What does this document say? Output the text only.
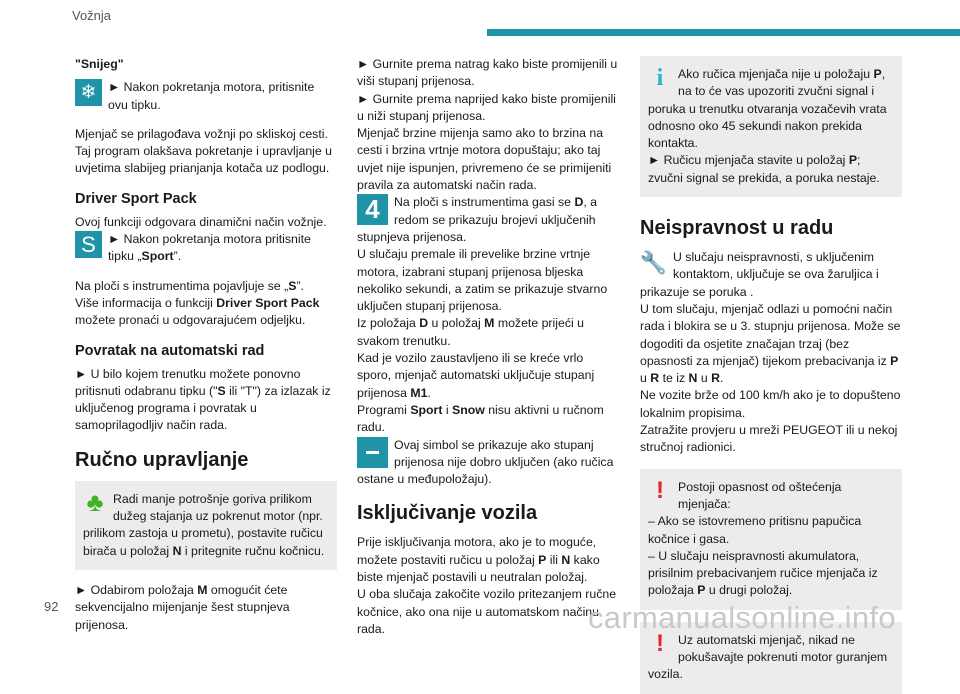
Vožnja

"Snijeg"

❄ ► Nakon pokretanja motora, pritisnite ovu tipku.

Mjenjač se prilagođava vožnji po skliskoj cesti. Taj program olakšava pokretanje i upravljanje u uvjetima slabijeg prianjanja kotača uz podlogu.

Driver Sport Pack

Ovoj funkciji odgovara dinamični način vožnje.

S ► Nakon pokretanja motora pritisnite tipku „Sport”.

Na ploči s instrumentima pojavljuje se „S”.
Više informacija o funkciji Driver Sport Pack možete pronaći u odgovarajućem odjeljku.

Povratak na automatski rad

► U bilo kojem trenutku možete ponovno pritisnuti odabranu tipku ("S ili "T") za izlazak iz uključenog programa i povratak u samoprilagodljiv način rada.

Ručno upravljanje
♣ Radi manje potrošnje goriva prilikom dužeg stajanja uz pokrenut motor (npr. prilikom zastoja u prometu), postavite ručicu birača u položaj N i pritegnite ručnu kočnicu.

► Odabirom položaja M omogućit ćete sekvencijalno mijenjanje šest stupnjeva prijenosa.

► Gurnite prema natrag kako biste promijenili u viši stupanj prijenosa.

► Gurnite prema naprijed kako biste promijenili u niži stupanj prijenosa.

Mjenjač brzine mijenja samo ako to brzina na cesti i brzina vrtnje motora dopuštaju; ako taj uvjet nije ispunjen, privremeno će se primijeniti pravila za automatski način rada.

4	Na ploči s instrumentima gasi se D, a redom se prikazuju brojevi uključenih stupnjeva prijenosa.

U slučaju premale ili prevelike brzine vrtnje motora, izabrani stupanj prijenosa bljeska nekoliko sekundi, a zatim se prikazuje stvarno uključen stupanj prijenosa.

Iz položaja D u položaj M možete prijeći u svakom trenutku.

Kad je vozilo zaustavljeno ili se kreće vrlo sporo, mjenjač automatski uključuje stupanj prijenosa M1.

Programi Sport i Snow nisu aktivni u ručnom radu.

Ovaj simbol se prikazuje ako stupanj prijenosa nije dobro uključen (ako ručica ostane u međupoložaju).

Isključivanje vozila

Prije isključivanja motora, ako je to moguće, možete postaviti ručicu u položaj P ili N kako biste mjenjač postavili u neutralan položaj.

U oba slučaja zakočite vozilo pritezanjem ručne kočnice, ako ona nije u automatskom načinu rada.

i	Ako ručica mjenjača nije u položaju P, na to će vas upozoriti zvučni signal i poruka u trenutku otvaranja vozačevih vrata odnosno oko 45 sekundi nakon prekida kontakta.
► Ručicu mjenjača stavite u položaj P; zvučni signal se prekida, a poruka nestaje.

Neispravnost u radu
🔧 U slučaju neispravnosti, s uključenim kontaktom, uključuje se ova žaruljica i prikazuje se poruka .
U tom slučaju, mjenjač odlazi u pomoćni način rada i blokira se u 3. stupnju prijenosa. Može se dogoditi da osjetite značajan trzaj (bez opasnosti za mjenjač) tijekom prebacivanja iz P u R te iz N u R.

Ne vozite brže od 100 km/h ako je to dopušteno lokalnim propisima.

Zatražite provjeru u mreži PEUGEOT ili u nekoj stručnoj radionici.

!	Postoji opasnost od oštećenja mjenjača:
– Ako se istovremeno pritisnu papučica kočnice i gasa.
– U slučaju neispravnosti akumulatora, prisilnim prebacivanjem ručice mjenjača iz položaja P u drugi položaj.

!	Uz automatski mjenjač, nikad ne pokušavajte pokrenuti motor guranjem vozila.

92	carmanualsonline.info
